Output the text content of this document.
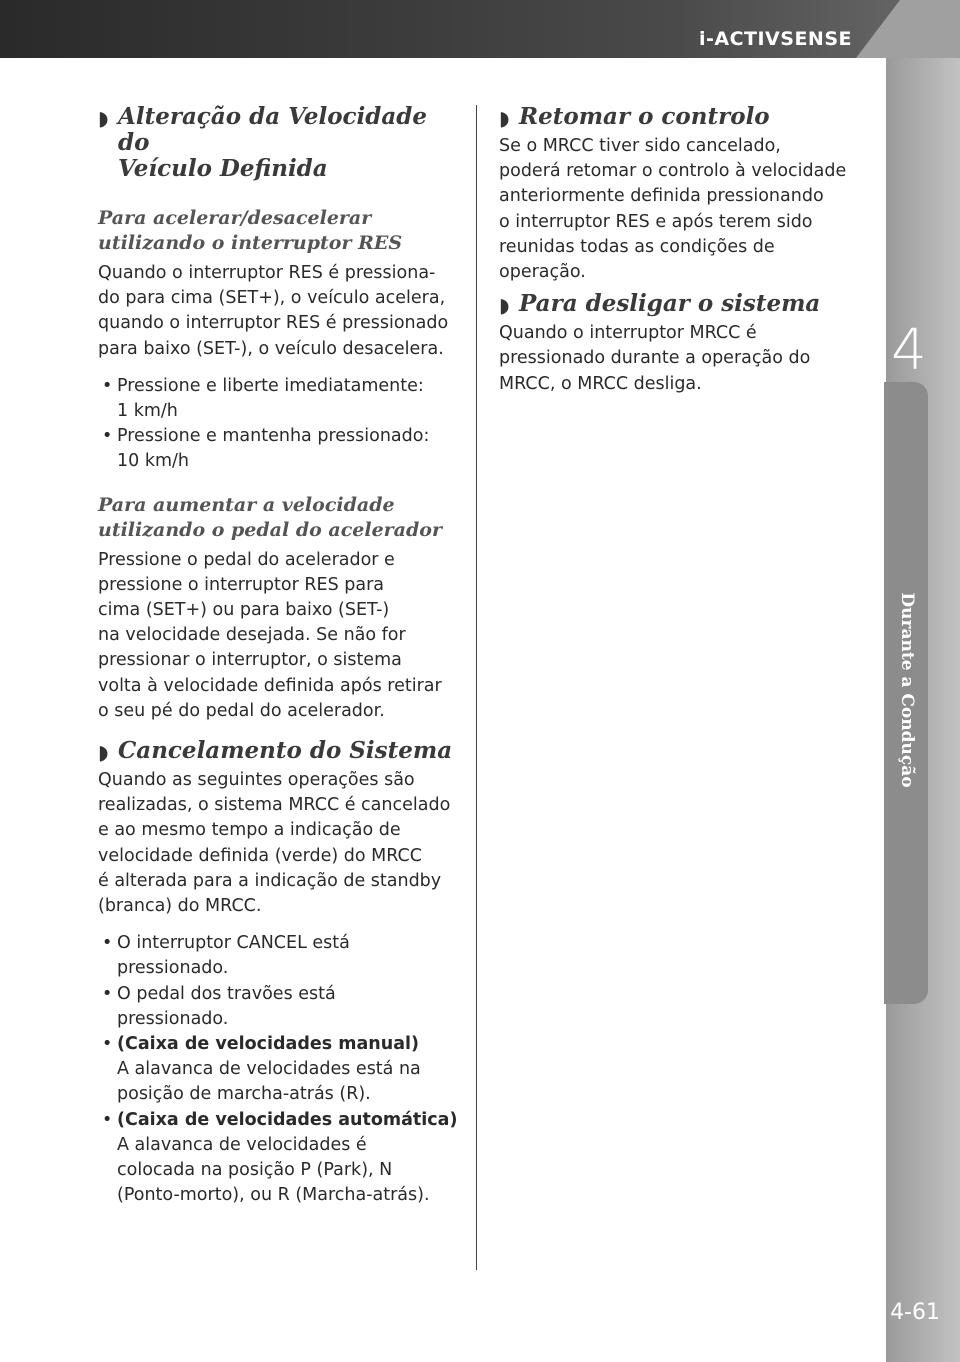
4
Durante a Condução
i-ACTIVSENSE
◗ Alteração da Velocidade do
Veículo Definida
Para acelerar/desacelerar
utilizando o interruptor RES

Quando o interruptor RES é pressiona-
do para cima (SET+), o veículo acelera,
quando o interruptor RES é pressionado
para baixo (SET-), o veículo desacelera.

• Pressione e liberte imediatamente:
1 km/h
• Pressione e mantenha pressionado:
10 km/h
Para aumentar a velocidade
utilizando o pedal do acelerador

Pressione o pedal do acelerador e
pressione o interruptor RES para
cima (SET+) ou para baixo (SET-)
na velocidade desejada. Se não for
pressionar o interruptor, o sistema
volta à velocidade definida após retirar
o seu pé do pedal do acelerador.

◗ Cancelamento do Sistema

Quando as seguintes operações são
realizadas, o sistema MRCC é cancelado
e ao mesmo tempo a indicação de
velocidade definida (verde) do MRCC
é alterada para a indicação de standby
(branca) do MRCC.

• O interruptor CANCEL está
pressionado.
• O pedal dos travões está
pressionado.
• (Caixa de velocidades manual)
A alavanca de velocidades está na
posição de marcha-atrás (R).
• (Caixa de velocidades automática)
A alavanca de velocidades é
colocada na posição P (Park), N
(Ponto-morto), ou R (Marcha-atrás).
◗ Retomar o controlo

Se o MRCC tiver sido cancelado,
poderá retomar o controlo à velocidade
anteriormente definida pressionando
o interruptor RES e após terem sido
reunidas todas as condições de operação.

◗ Para desligar o sistema

Quando o interruptor MRCC é
pressionado durante a operação do
MRCC, o MRCC desliga.

4-61
